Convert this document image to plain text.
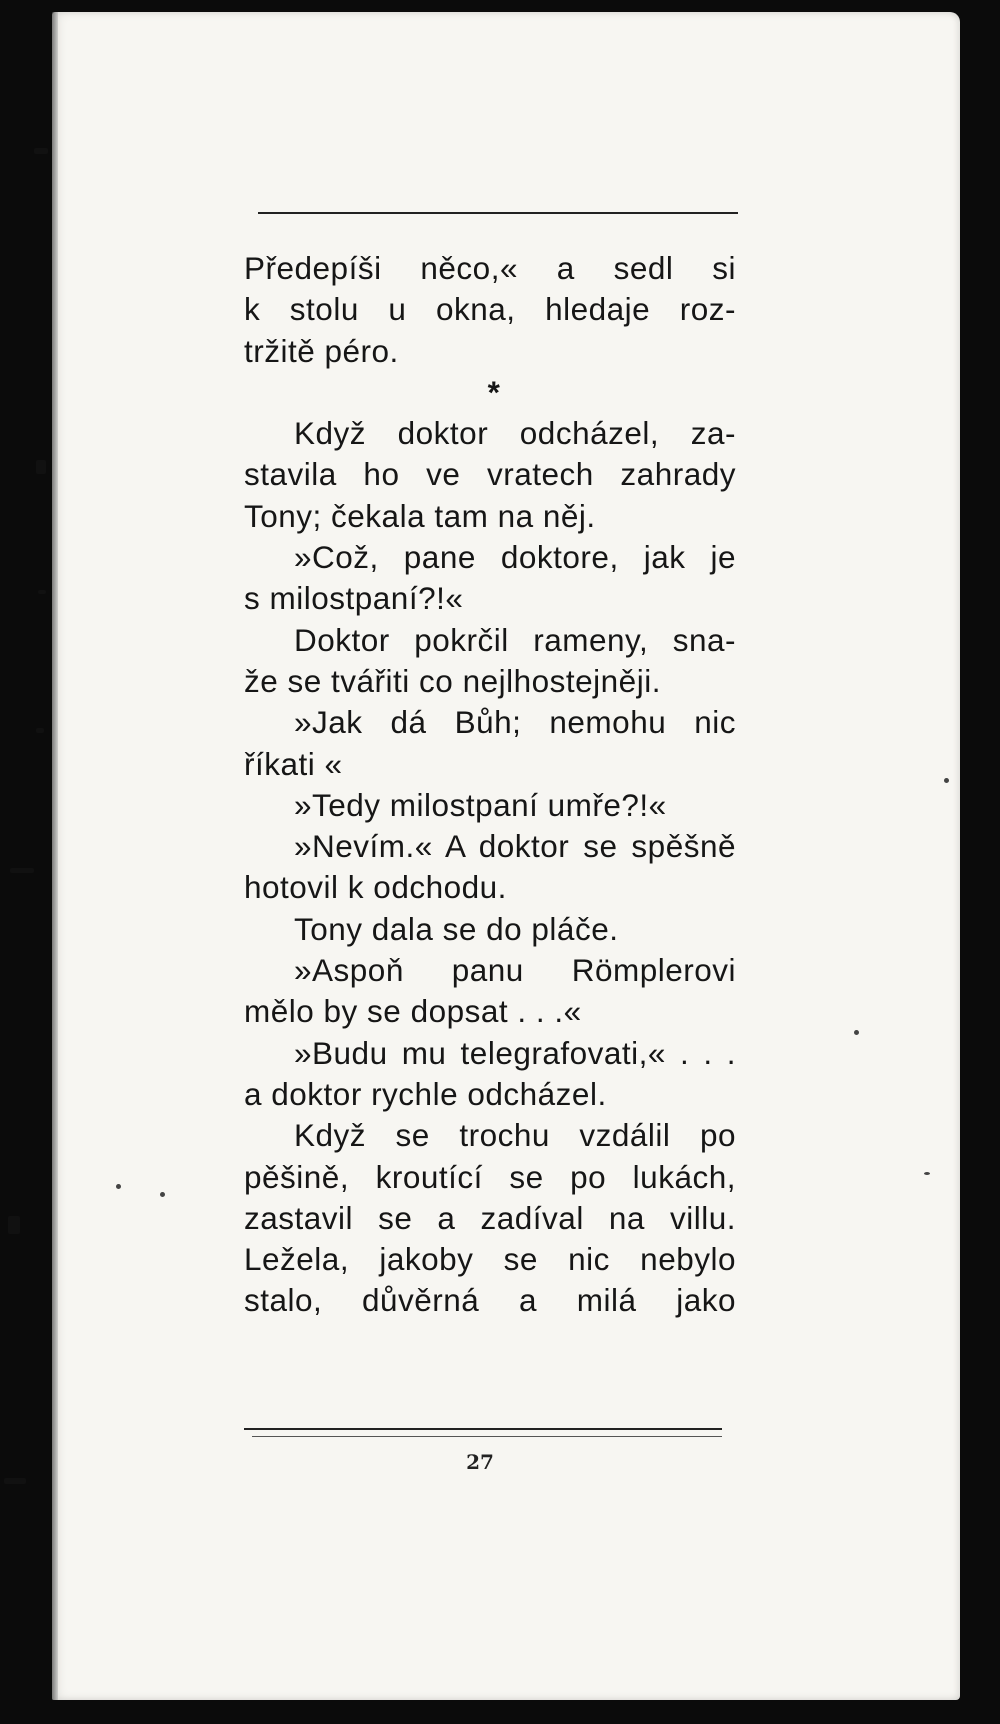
Předepíši něco,« a sedl si
k stolu u okna, hledaje roz-
tržitě péro.
*
Když doktor odcházel, za-
stavila ho ve vratech zahrady
Tony; čekala tam na něj.
»Což, pane doktore, jak je
s milostpaní?!«
Doktor pokrčil rameny, sna-
že se tvářiti co nejlhostejněji.
»Jak dá Bůh; nemohu nic
říkati «
»Tedy milostpaní umře?!«
»Nevím.« A doktor se spěšně
hotovil k odchodu.
Tony dala se do pláče.
»Aspoň panu Römplerovi
mělo by se dopsat . . .«
»Budu mu telegrafovati,« . . .
a doktor rychle odcházel.
Když se trochu vzdálil po
pěšině, kroutící se po lukách,
zastavil se a zadíval na villu.
Ležela, jakoby se nic nebylo
stalo, důvěrná a milá jako
27
